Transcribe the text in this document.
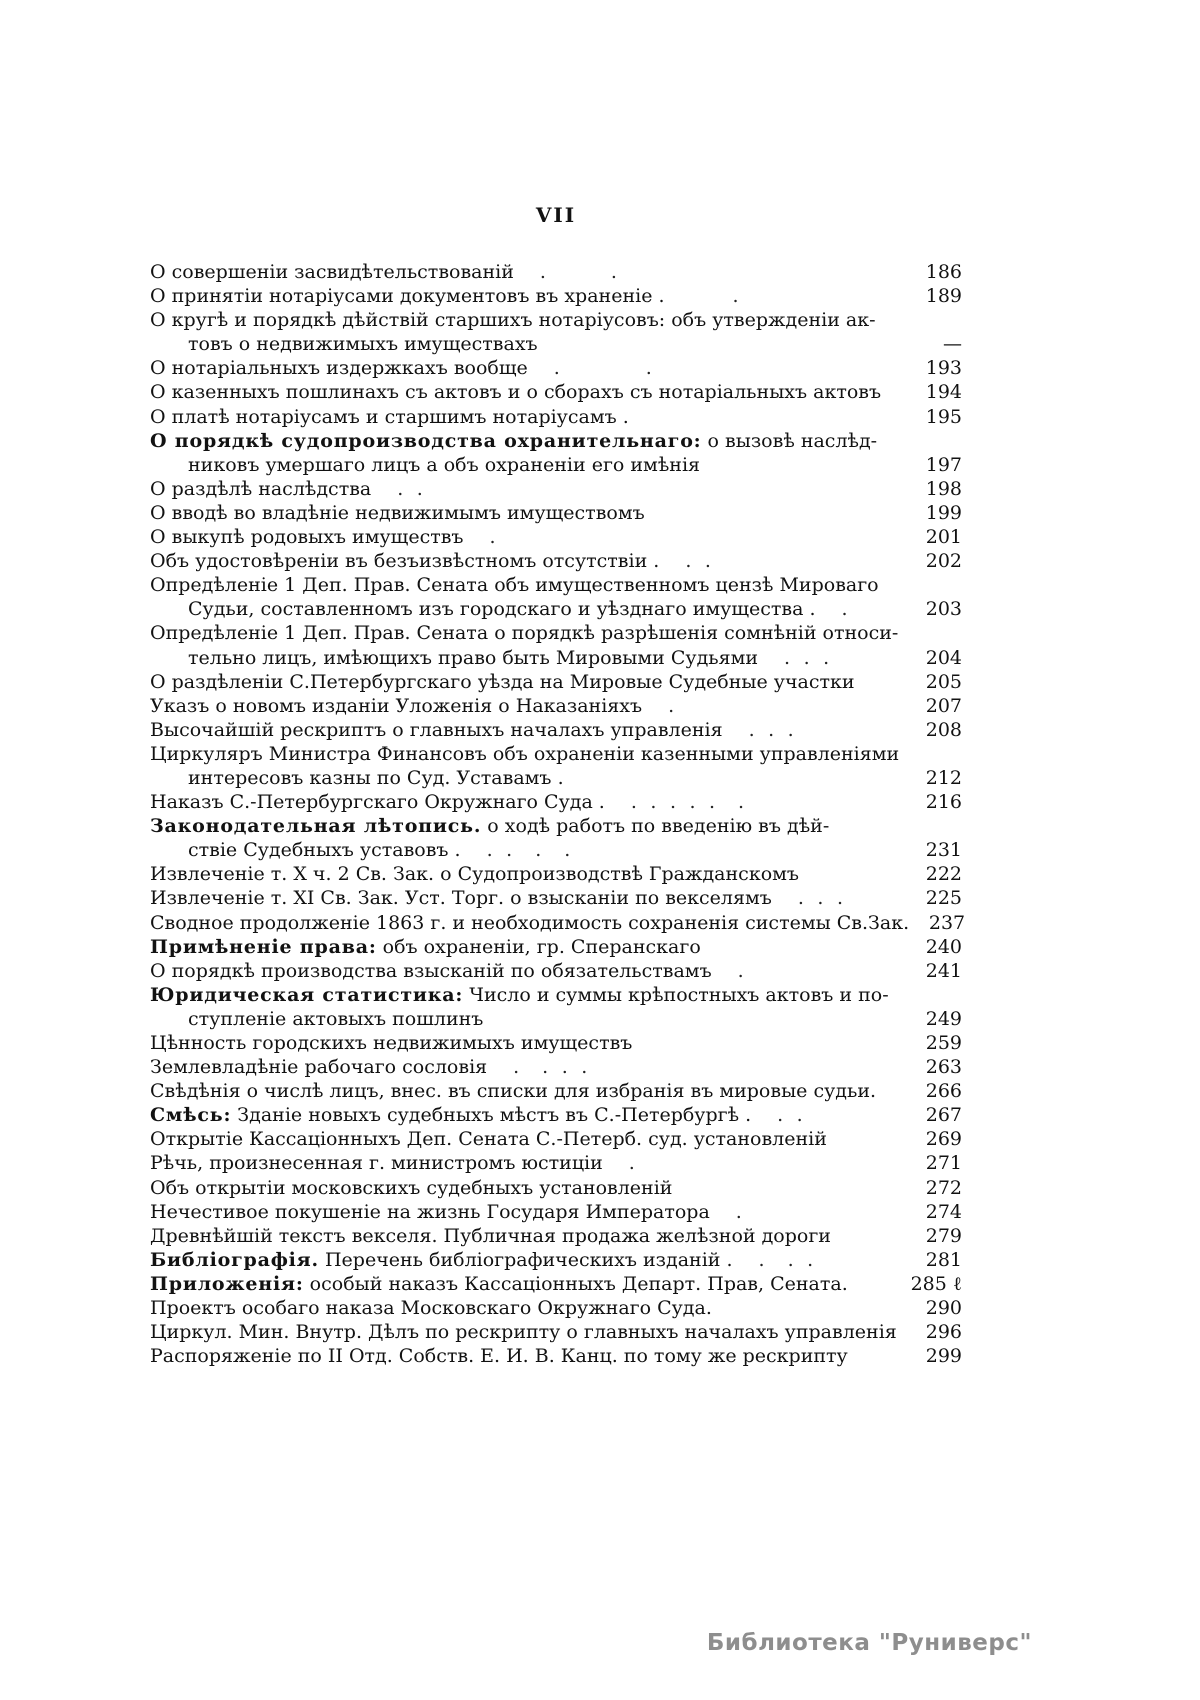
VII
О совершеніи засвидѣтельствованій .   .	186
О принятіи нотаріусами документовъ въ храненіе .  .	189
О кругѣ и порядкѣ дѣйствій старшихъ нотаріусовъ: объ утвержденіи ак-
товъ о недвижимыхъ имуществахъ	—
О нотаріальныхъ издержкахъ вообще .    .	193
О казенныхъ пошлинахъ съ актовъ и о сборахъ съ нотаріальныхъ актовъ	194
О платѣ нотаріусамъ и старшимъ нотаріусамъ .	195
О порядкѣ судопроизводства охранительнаго: о вызовѣ наслѣд-
никовъ умершаго лицъ а объ охраненіи его имѣнія	197
О раздѣлѣ наслѣдства . .	198
О вводѣ во владѣніе недвижимымъ имуществомъ	199
О выкупѣ родовыхъ имуществъ .	201
Объ удостовѣреніи въ безъизвѣстномъ отсутствіи . . .	202
Опредѣленіе 1 Деп. Прав. Сената объ имущественномъ цензѣ Мироваго
Судьи, составленномъ изъ городскаго и уѣзднаго имущества . .	203
Опредѣленіе 1 Деп. Прав. Сената о порядкѣ разрѣшенія сомнѣній относи-
тельно лицъ, имѣющихъ право быть Мировыми Судьями . . .	204
О раздѣленіи С.Петербургскаго уѣзда на Мировые Судебные участки	205
Указъ о новомъ изданіи Уложенія о Наказаніяхъ .	207
Высочайшій рескриптъ о главныхъ началахъ управленія . . .	208
Циркуляръ Министра Финансовъ объ охраненіи казенными управленіями
интересовъ казны по Суд. Уставамъ .	212
Наказъ С.-Петербургскаго Окружнаго Суда . . . . . . .	216
Законодательная лѣтопись. о ходѣ работъ по введенію въ дѣй-
ствіе Судебныхъ уставовъ . . . . .	231
Извлеченіе т. X ч. 2 Св. Зак. о Судопроизводствѣ Гражданскомъ	222
Извлеченіе т. XI Св. Зак. Уст. Торг. о взысканіи по векселямъ . . .	225
Сводное продолженіе 1863 г. и необходимость сохраненія системы Св.Зак.	237
Примѣненіе права: объ охраненіи, гр. Сперанскаго	240
О порядкѣ производства взысканій по обязательствамъ .	241
Юридическая статистика: Число и суммы крѣпостныхъ актовъ и по-
ступленіе актовыхъ пошлинъ	249
Цѣнность городскихъ недвижимыхъ имуществъ	259
Землевладѣніе рабочаго сословія . . . .	263
Свѣдѣнія о числѣ лицъ, внес. въ списки для избранія въ мировые судьи.	266
Смѣсь: Зданіе новыхъ судебныхъ мѣстъ въ С.-Петербургѣ . . .	267
Открытіе Кассаціонныхъ Деп. Сената С.-Петерб. суд. установленій	269
Рѣчь, произнесенная г. министромъ юстиціи .	271
Объ открытіи московскихъ судебныхъ установленій	272
Нечестивое покушеніе на жизнь Государя Императора .	274
Древнѣйшій текстъ векселя. Публичная продажа желѣзной дороги	279
Библіографія. Перечень библіографическихъ изданій . . . .	281
Приложенія: особый наказъ Кассаціонныхъ Департ. Прав, Сената.	285 ℓ
Проектъ особаго наказа Московскаго Окружнаго Суда.	290
Циркул. Мин. Внутр. Дѣлъ по рескрипту о главныхъ началахъ управленія	296
Распоряженіе по II Отд. Собств. Е. И. В. Канц. по тому же рескрипту	299
Библиотека "Руниверс"
